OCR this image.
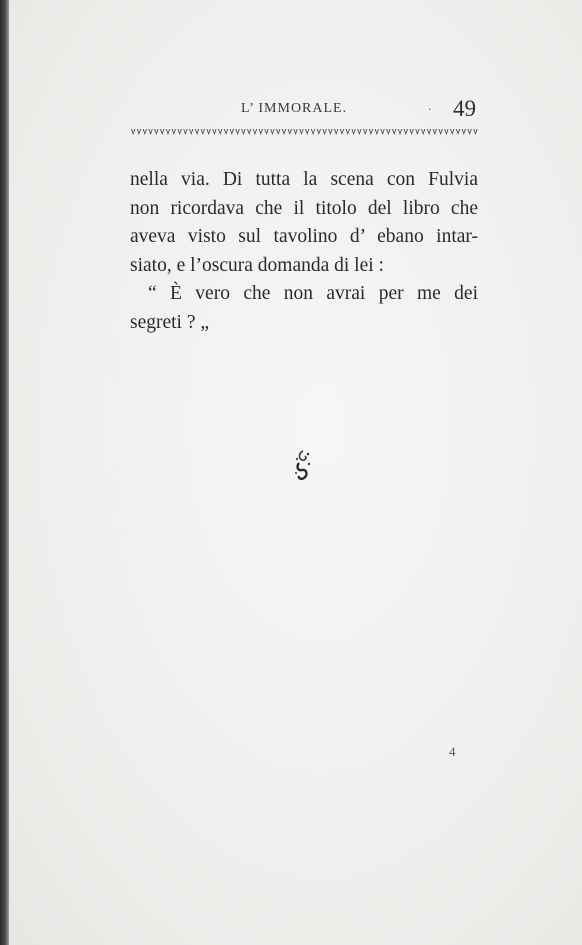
L’ IMMORALE.	· 49
nella via. Di tutta la scena con Fulvia
non ricordava che il titolo del libro che
aveva visto sul tavolino d’ ebano intar-
siato, e l’oscura domanda di lei :
“ È vero che non avrai per me dei
segreti ? „
4
